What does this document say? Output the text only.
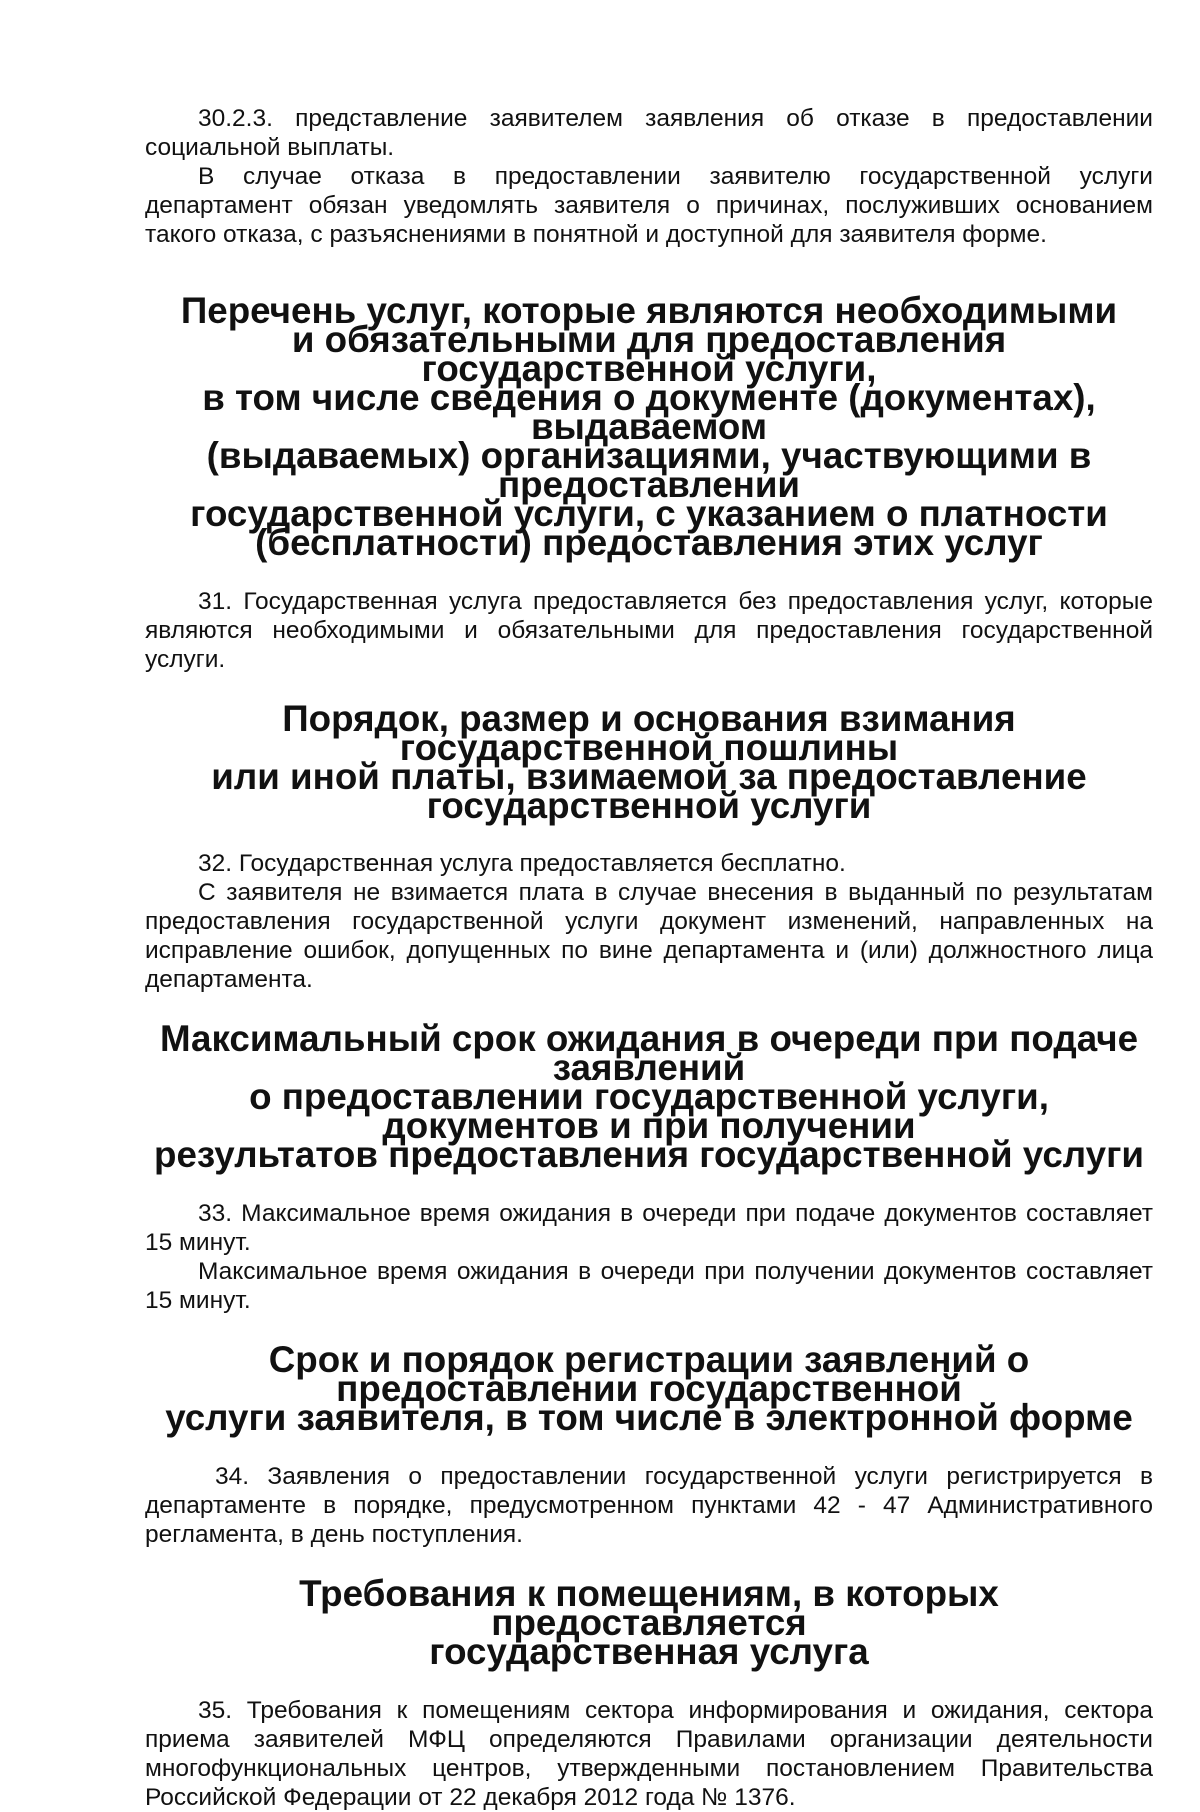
30.2.3. представление заявителем заявления об отказе в предоставлении социальной выплаты.

В случае отказа в предоставлении заявителю государственной услуги департамент обязан уведомлять заявителя о причинах, послуживших основанием такого отказа, с разъяснениями в понятной и доступной для заявителя форме.

Перечень услуг, которые являются необходимыми
и обязательными для предоставления государственной услуги,
в том числе сведения о документе (документах), выдаваемом
(выдаваемых) организациями, участвующими в предоставлении
государственной услуги, с указанием о платности
(бесплатности) предоставления этих услуг

31. Государственная услуга предоставляется без предоставления услуг, которые являются необходимыми и обязательными для предоставления государственной услуги.

Порядок, размер и основания взимания государственной пошлины
или иной платы, взимаемой за предоставление
государственной услуги

32. Государственная услуга предоставляется бесплатно.

С заявителя не взимается плата в случае внесения в выданный по результатам предоставления государственной услуги документ изменений, направленных на исправление ошибок, допущенных по вине департамента и (или) должностного лица департамента.

Максимальный срок ожидания в очереди при подаче заявлений
о предоставлении государственной услуги, документов и при получении
результатов предоставления государственной услуги

33. Максимальное время ожидания в очереди при подаче документов составляет 15 минут.

Максимальное время ожидания в очереди при получении документов составляет 15 минут.

Срок и порядок регистрации заявлений о предоставлении государственной
услуги заявителя, в том числе в электронной форме

34. Заявления о предоставлении государственной услуги регистрируется в департаменте в порядке, предусмотренном пунктами 42 - 47 Административного регламента, в день поступления.

Требования к помещениям, в которых предоставляется
государственная услуга

35. Требования к помещениям сектора информирования и ожидания, сектора приема заявителей МФЦ определяются Правилами организации деятельности многофункциональных центров, утвержденными постановлением Правительства Российской Федерации от 22 декабря 2012 года № 1376.
